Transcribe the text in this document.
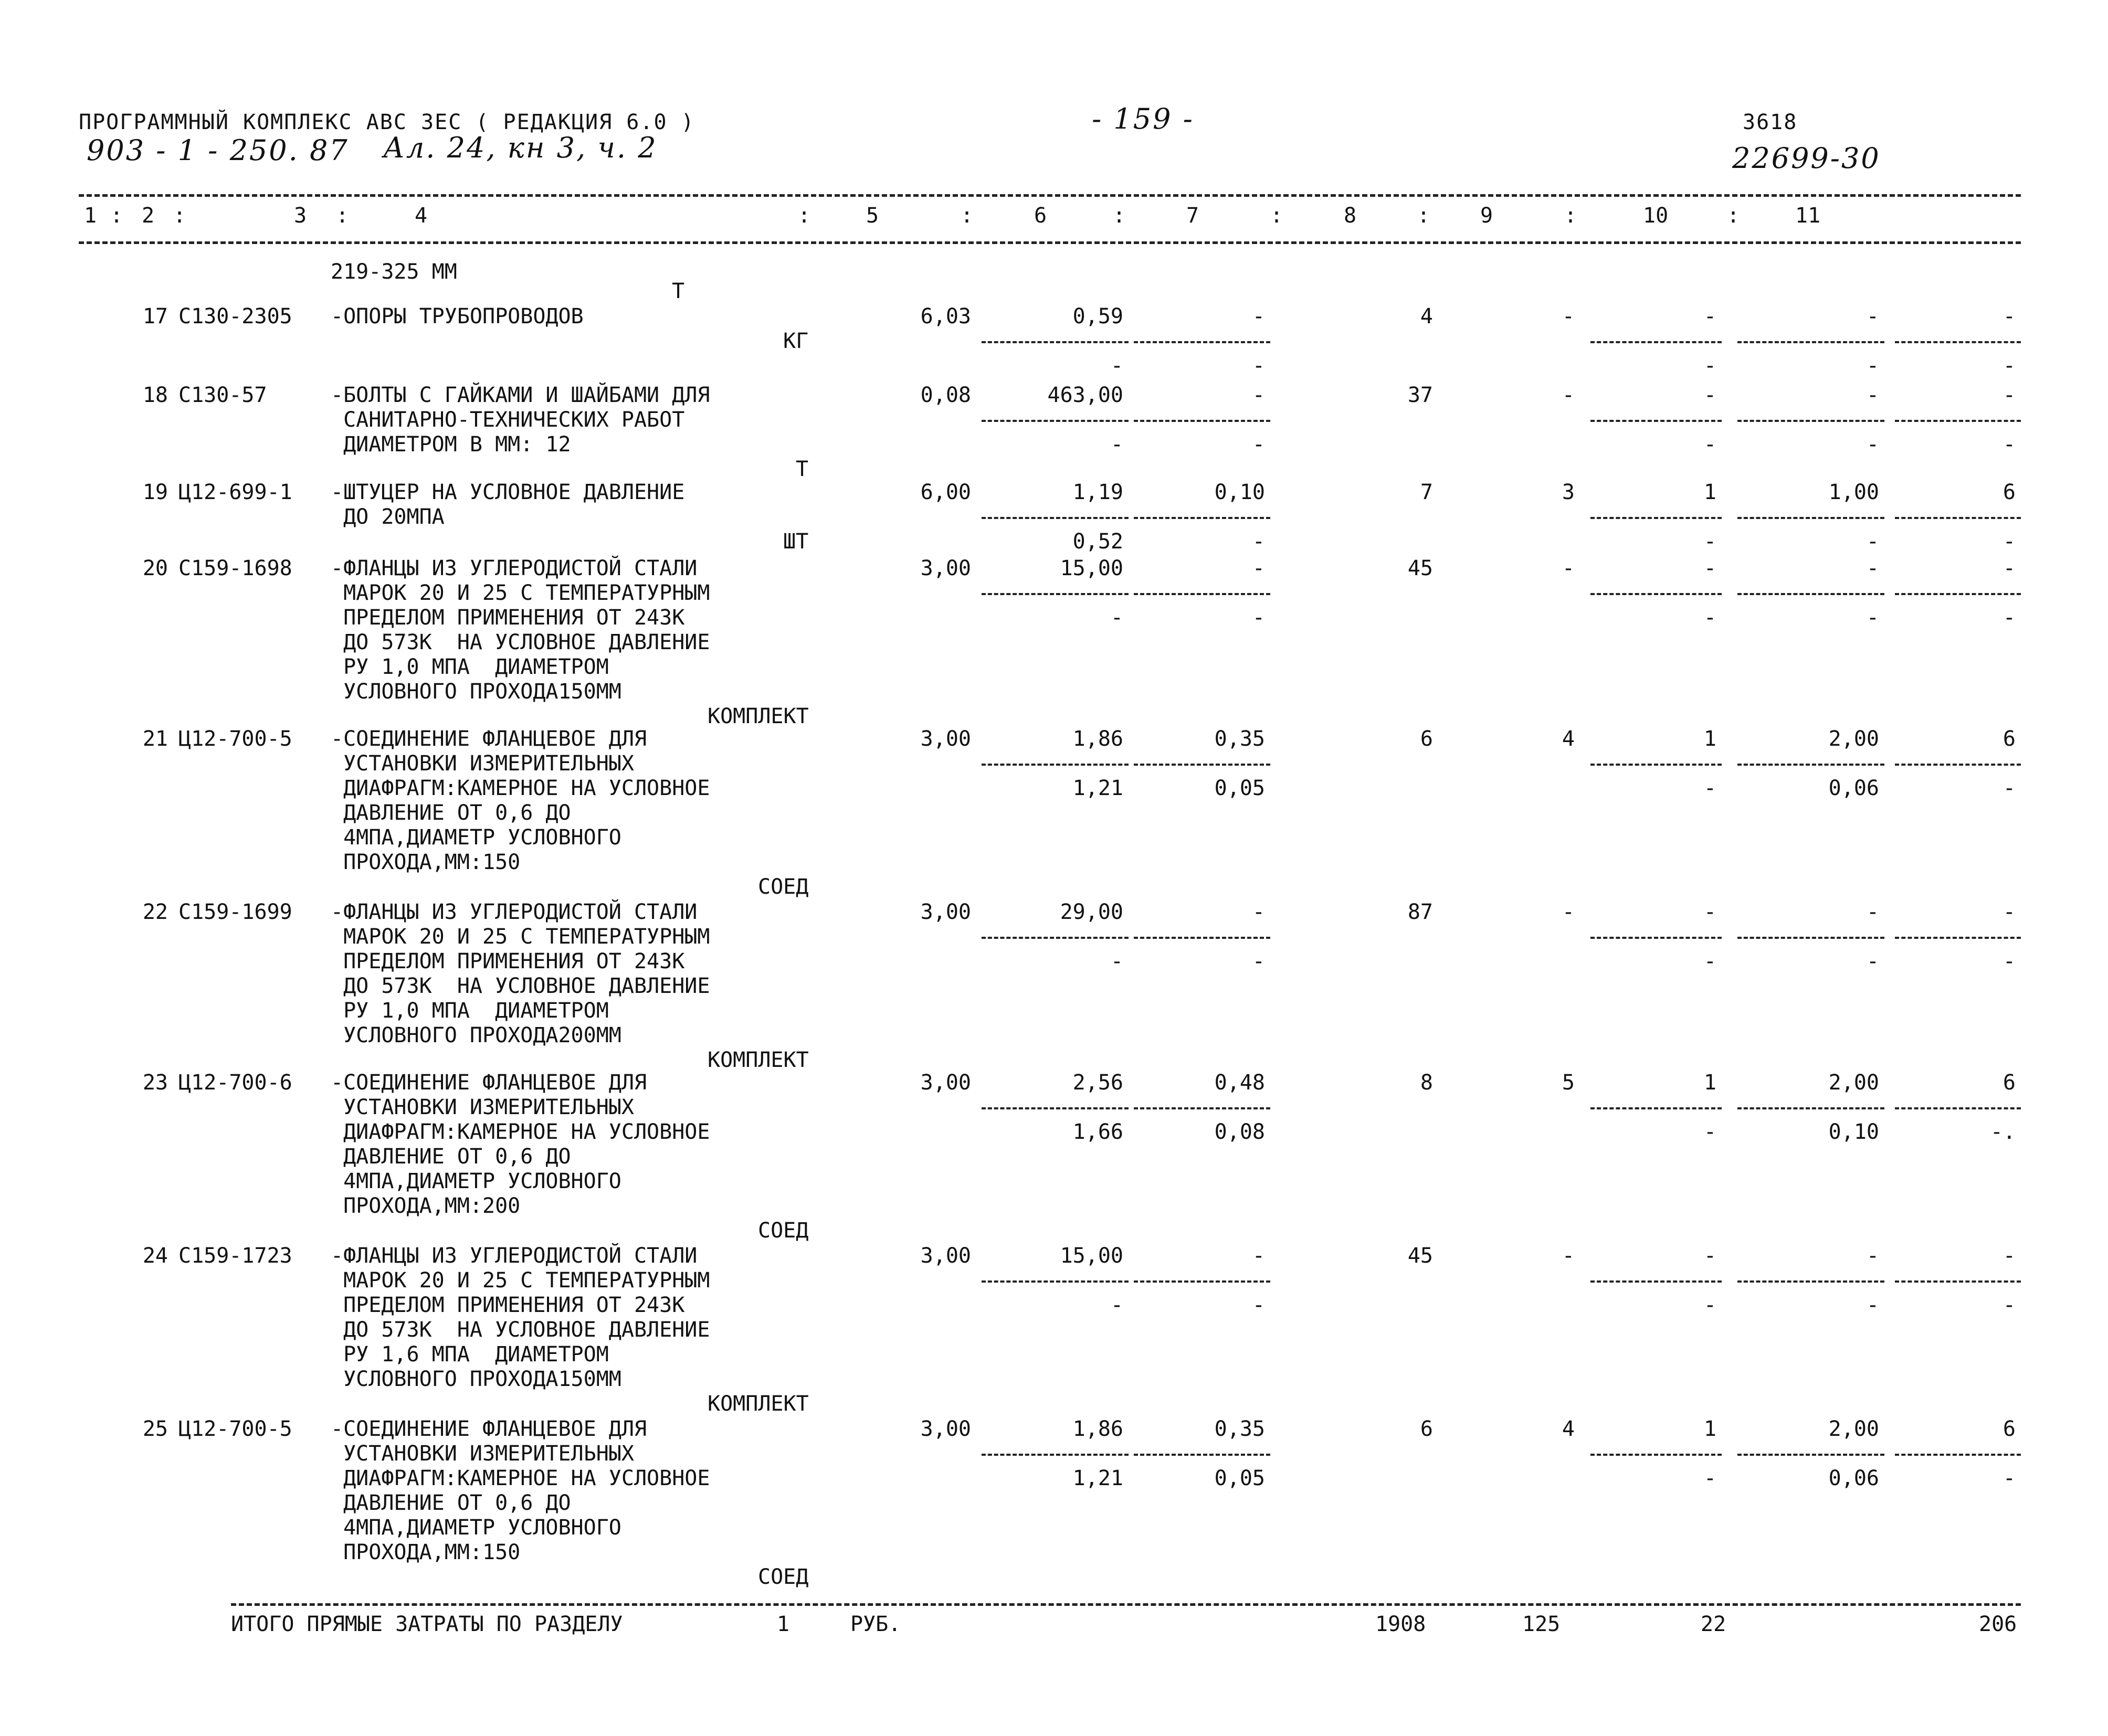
ПРОГРАММНЫЙ КОМПЛЕКС АВС 3ЕС ( РЕДАКЦИЯ 6.0 )	- 159 -	3618
903 - 1 - 250. 87 Ал. 24, кн 3, ч. 2	22699-30
1 : 2 :	3 :	4	:	5	:	6	:	7	:	8	: 9	:	10	:	11
219-325 ММ
17 С130-2305 -ОПОРЫ ТРУБОПРОВОДОВ
Т
КГ
6,03	0,59	-	4	-	-	-	-
-	-	-	-	-
18 С130-57	-БОЛТЫ С ГАЙКАМИ И ШАЙБАМИ ДЛЯ
САНИТАРНО-ТЕХНИЧЕСКИХ РАБОТ
ДИАМЕТРОМ В ММ: 12
Т
0,08	463,00	-	37	-	-	-	-
-	-	-	-	-
19 Ц12-699-1 -ШТУЦЕР НА УСЛОВНОЕ ДАВЛЕНИЕ
ДО 20МПА
ШТ
6,00	1,19	0,10	7	3	1	1,00	6
0,52	-	-	-	-
20 С159-1698 -ФЛАНЦЫ ИЗ УГЛЕРОДИСТОЙ СТАЛИ
МАРОК 20 И 25 С ТЕМПЕРАТУРНЫМ
ПРЕДЕЛОМ ПРИМЕНЕНИЯ ОТ 243К
ДО 573К  НА УСЛОВНОЕ ДАВЛЕНИЕ
РУ 1,0 МПА  ДИАМЕТРОМ
УСЛОВНОГО ПРОХОДА150ММ
КОМПЛЕКТ
3,00	15,00	-	45	-	-	-	-
-	-	-	-	-
21 Ц12-700-5 -СОЕДИНЕНИЕ ФЛАНЦЕВОЕ ДЛЯ
УСТАНОВКИ ИЗМЕРИТЕЛЬНЫХ
ДИАФРАГМ:КАМЕРНОЕ НА УСЛОВНОЕ
ДАВЛЕНИЕ ОТ 0,6 ДО
4МПА,ДИАМЕТР УСЛОВНОГО
ПРОХОДА,ММ:150
СОЕД
3,00	1,86	0,35	6	4	1	2,00	6
1,21	0,05	-	0,06	-
22 С159-1699 -ФЛАНЦЫ ИЗ УГЛЕРОДИСТОЙ СТАЛИ
МАРОК 20 И 25 С ТЕМПЕРАТУРНЫМ
ПРЕДЕЛОМ ПРИМЕНЕНИЯ ОТ 243К
ДО 573К  НА УСЛОВНОЕ ДАВЛЕНИЕ
РУ 1,0 МПА  ДИАМЕТРОМ
УСЛОВНОГО ПРОХОДА200ММ
КОМПЛЕКТ
3,00	29,00	-	87	-	-	-	-
-	-	-	-	-
23 Ц12-700-6 -СОЕДИНЕНИЕ ФЛАНЦЕВОЕ ДЛЯ
УСТАНОВКИ ИЗМЕРИТЕЛЬНЫХ
ДИАФРАГМ:КАМЕРНОЕ НА УСЛОВНОЕ
ДАВЛЕНИЕ ОТ 0,6 ДО
4МПА,ДИАМЕТР УСЛОВНОГО
ПРОХОДА,ММ:200
СОЕД
3,00	2,56	0,48	8	5	1	2,00	6
1,66	0,08	-	0,10	-.
24 С159-1723 -ФЛАНЦЫ ИЗ УГЛЕРОДИСТОЙ СТАЛИ
МАРОК 20 И 25 С ТЕМПЕРАТУРНЫМ
ПРЕДЕЛОМ ПРИМЕНЕНИЯ ОТ 243К
ДО 573К  НА УСЛОВНОЕ ДАВЛЕНИЕ
РУ 1,6 МПА  ДИАМЕТРОМ
УСЛОВНОГО ПРОХОДА150ММ
КОМПЛЕКТ
3,00	15,00	-	45	-	-	-	-
-	-	-	-	-
25 Ц12-700-5 -СОЕДИНЕНИЕ ФЛАНЦЕВОЕ ДЛЯ
УСТАНОВКИ ИЗМЕРИТЕЛЬНЫХ
ДИАФРАГМ:КАМЕРНОЕ НА УСЛОВНОЕ
ДАВЛЕНИЕ ОТ 0,6 ДО
4МПА,ДИАМЕТР УСЛОВНОГО
ПРОХОДА,ММ:150
СОЕД
3,00	1,86	0,35	6	4	1	2,00	6
1,21	0,05	-	0,06	-
ИТОГО ПРЯМЫЕ ЗАТРАТЫ ПО РАЗДЕЛУ	1	РУБ.	1908	125	22	206
